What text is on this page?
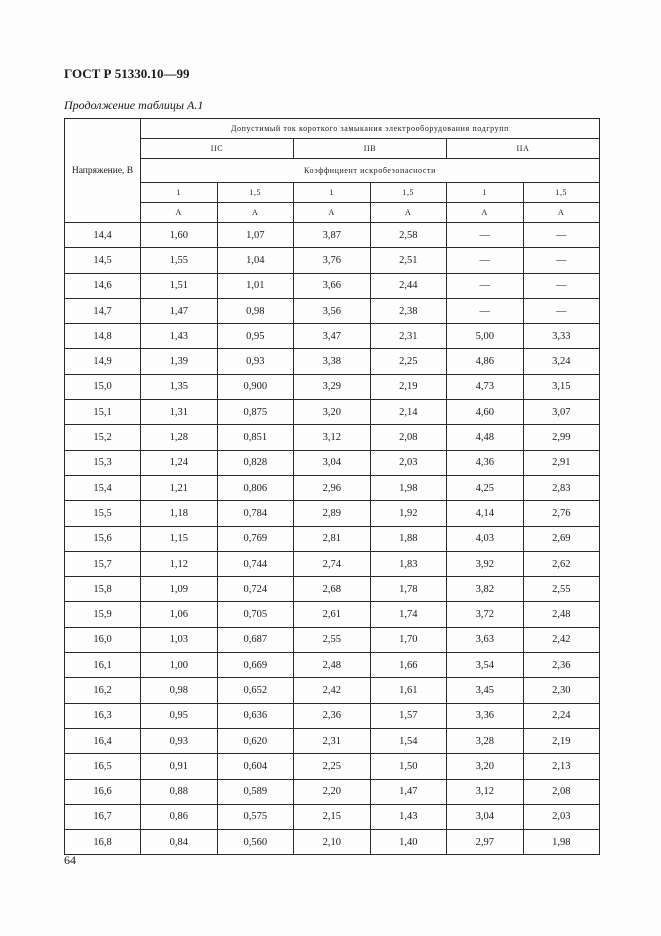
ГОСТ Р 51330.10—99
Продолжение таблицы А.1
Напряжение, В	Допустимый ток короткого замыкания электрооборудования подгрупп					
	IIC		IIB		IIA	
	Коэффициент искробезопасности					
	1	1,5	1	1,5	1	1,5
	А	А	А	А	А	А
14,4	1,60	1,07	3,87	2,58	—	—
14,5	1,55	1,04	3,76	2,51	—	—
14,6	1,51	1,01	3,66	2,44	—	—
14,7	1,47	0,98	3,56	2,38	—	—
14,8	1,43	0,95	3,47	2,31	5,00	3,33
14,9	1,39	0,93	3,38	2,25	4,86	3,24
15,0	1,35	0,900	3,29	2,19	4,73	3,15
15,1	1,31	0,875	3,20	2,14	4,60	3,07
15,2	1,28	0,851	3,12	2,08	4,48	2,99
15,3	1,24	0,828	3,04	2,03	4,36	2,91
15,4	1,21	0,806	2,96	1,98	4,25	2,83
15,5	1,18	0,784	2,89	1,92	4,14	2,76
15,6	1,15	0,769	2,81	1,88	4,03	2,69
15,7	1,12	0,744	2,74	1,83	3,92	2,62
15,8	1,09	0,724	2,68	1,78	3,82	2,55
15,9	1,06	0,705	2,61	1,74	3,72	2,48
16,0	1,03	0,687	2,55	1,70	3,63	2,42
16,1	1,00	0,669	2,48	1,66	3,54	2,36
16,2	0,98	0,652	2,42	1,61	3,45	2,30
16,3	0,95	0,636	2,36	1,57	3,36	2,24
16,4	0,93	0,620	2,31	1,54	3,28	2,19
16,5	0,91	0,604	2,25	1,50	3,20	2,13
16,6	0,88	0,589	2,20	1,47	3,12	2,08
16,7	0,86	0,575	2,15	1,43	3,04	2,03
16,8	0,84	0,560	2,10	1,40	2,97	1,98
64
